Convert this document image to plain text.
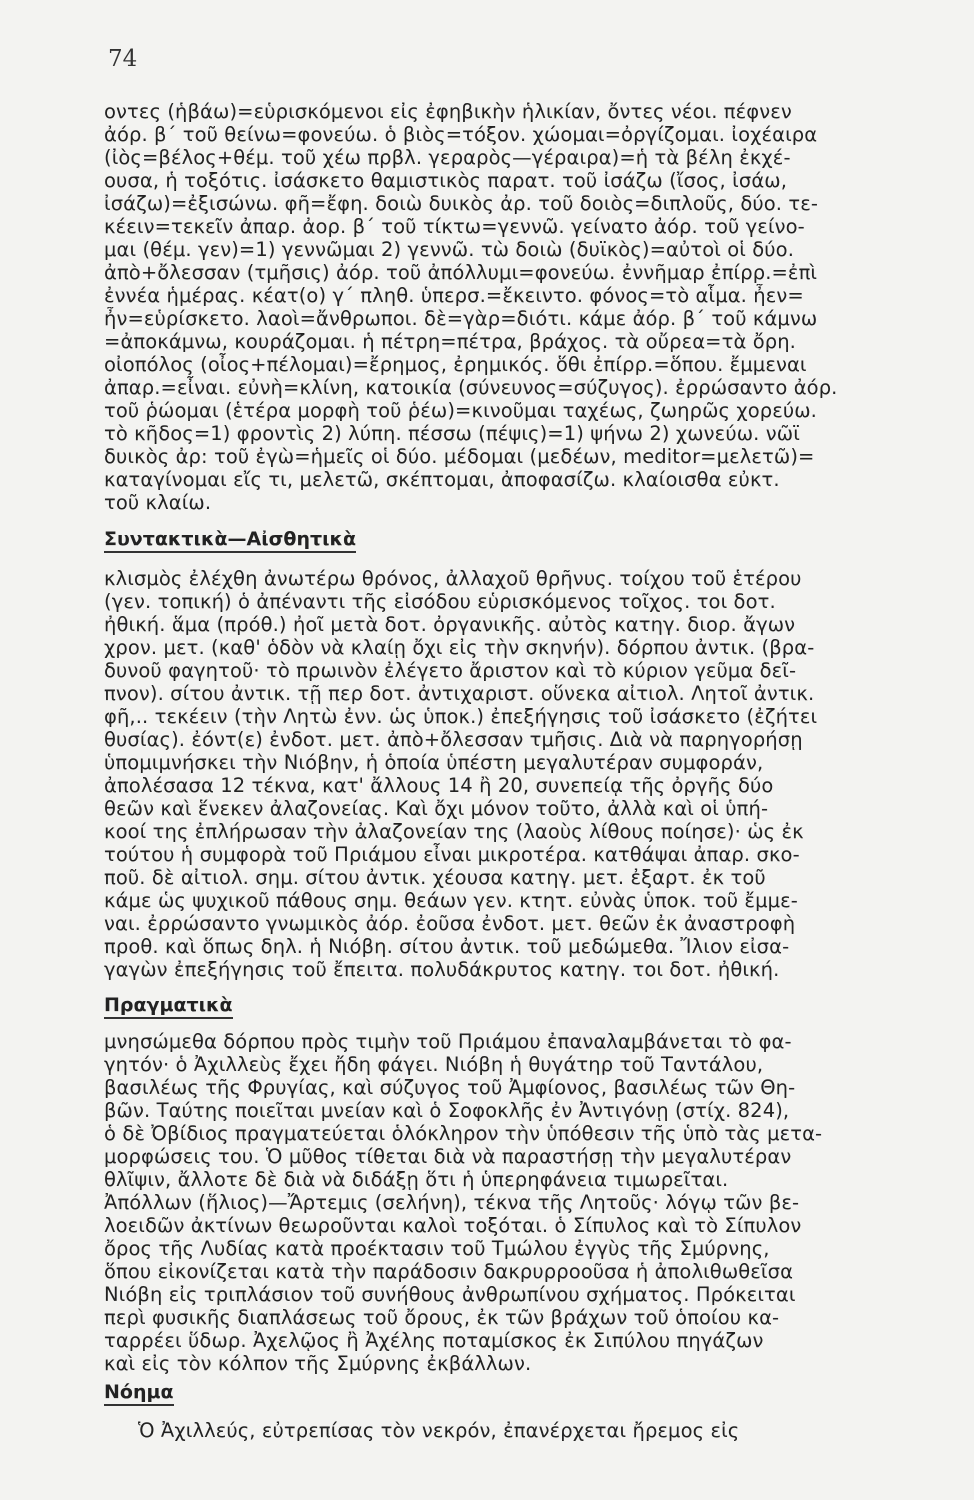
74
οντες (ἡβάω)=εὑρισκόμενοι εἰς ἐφηβικὴν ἡλικίαν, ὄντες νέοι. πέφνεν
ἀόρ. β΄ τοῦ θείνω=φονεύω. ὁ βιὸς=τόξον. χώομαι=ὀργίζομαι. ἰοχέαιρα
(ἰὸς=βέλος+θέμ. τοῦ χέω πρβλ. γεραρὸς—γέραιρα)=ἡ τὰ βέλη ἐκχέ-
ουσα, ἡ τοξότις. ἰσάσκετο θαμιστικὸς παρατ. τοῦ ἰσάζω (ἴσος, ἰσάω,
ἰσάζω)=ἐξισώνω. φῆ=ἔφη. δοιὼ δυικὸς ἀρ. τοῦ δοιὸς=διπλοῦς, δύο. τε-
κέειν=τεκεῖν ἀπαρ. ἀορ. β΄ τοῦ τίκτω=γεννῶ. γείνατο ἀόρ. τοῦ γείνο-
μαι (θέμ. γεν)=1) γεννῶμαι 2) γεννῶ. τὼ δοιὼ (δυϊκὸς)=αὐτοὶ οἱ δύο.
ἀπὸ+ὄλεσσαν (τμῆσις) ἀόρ. τοῦ ἀπόλλυμι=φονεύω. ἐννῆμαρ ἐπίρρ.=ἐπὶ
ἐννέα ἡμέρας. κέατ(ο) γ΄ πληθ. ὑπερσ.=ἔκειντο. φόνος=τὸ αἷμα. ἦεν=
ἦν=εὑρίσκετο. λαοὶ=ἄνθρωποι. δὲ=γὰρ=διότι. κάμε ἀόρ. β΄ τοῦ κάμνω
=ἀποκάμνω, κουράζομαι. ἡ πέτρη=πέτρα, βράχος. τὰ οὔρεα=τὰ ὄρη.
οἰοπόλος (οἶος+πέλομαι)=ἔρημος, ἐρημικός. ὅθι ἐπίρρ.=ὅπου. ἔμμεναι
ἀπαρ.=εἶναι. εὐνὴ=κλίνη, κατοικία (σύνευνος=σύζυγος). ἐρρώσαντο ἀόρ.
τοῦ ῥώομαι (ἑτέρα μορφὴ τοῦ ῥέω)=κινοῦμαι ταχέως, ζωηρῶς χορεύω.
τὸ κῆδος=1) φροντὶς 2) λύπη. πέσσω (πέψις)=1) ψήνω 2) χωνεύω. νῶϊ
δυικὸς ἀρ: τοῦ ἐγὼ=ἡμεῖς οἱ δύο. μέδομαι (μεδέων, meditor=μελετῶ)=
καταγίνομαι εἴς τι, μελετῶ, σκέπτομαι, ἀποφασίζω. κλαίοισθα εὐκτ.
τοῦ κλαίω.
Συντακτικὰ—Αἰσθητικὰ
κλισμὸς ἐλέχθη ἀνωτέρω θρόνος, ἀλλαχοῦ θρῆνυς. τοίχου τοῦ ἑτέρου
(γεν. τοπική) ὁ ἀπέναντι τῆς εἰσόδου εὑρισκόμενος τοῖχος. τοι δοτ.
ἠθική. ἅμα (πρόθ.) ἠοῖ μετὰ δοτ. ὀργανικῆς. αὐτὸς κατηγ. διορ. ἄγων
χρον. μετ. (καθ' ὁδὸν νὰ κλαίῃ ὄχι εἰς τὴν σκηνήν). δόρπου ἀντικ. (βρα-
δυνοῦ φαγητοῦ· τὸ πρωινὸν ἐλέγετο ἄριστον καὶ τὸ κύριον γεῦμα δεῖ-
πνον). σίτου ἀντικ. τῇ περ δοτ. ἀντιχαριστ. οὕνεκα αἰτιολ. Λητοῖ ἀντικ.
φῆ,.. τεκέειν (τὴν Λητὼ ἐνν. ὡς ὑποκ.) ἐπεξήγησις τοῦ ἰσάσκετο (ἐζήτει
θυσίας). ἐόντ(ε) ἐνδοτ. μετ. ἀπὸ+ὄλεσσαν τμῆσις. Διὰ νὰ παρηγορήσῃ
ὑπομιμνήσκει τὴν Νιόβην, ἡ ὁποία ὑπέστη μεγαλυτέραν συμφοράν,
ἀπολέσασα 12 τέκνα, κατ' ἄλλους 14 ἢ 20, συνεπείᾳ τῆς ὀργῆς δύο
θεῶν καὶ ἕνεκεν ἀλαζονείας. Καὶ ὄχι μόνον τοῦτο, ἀλλὰ καὶ οἱ ὑπή-
κοοί της ἐπλήρωσαν τὴν ἀλαζονείαν της (λαοὺς λίθους ποίησε)· ὡς ἐκ
τούτου ἡ συμφορὰ τοῦ Πριάμου εἶναι μικροτέρα. κατθάψαι ἀπαρ. σκο-
ποῦ. δὲ αἰτιολ. σημ. σίτου ἀντικ. χέουσα κατηγ. μετ. ἐξαρτ. ἐκ τοῦ
κάμε ὡς ψυχικοῦ πάθους σημ. θεάων γεν. κτητ. εὐνὰς ὑποκ. τοῦ ἔμμε-
ναι. ἐρρώσαντο γνωμικὸς ἀόρ. ἐοῦσα ἐνδοτ. μετ. θεῶν ἐκ ἀναστροφὴ
προθ. καὶ ὅπως δηλ. ἡ Νιόβη. σίτου ἀντικ. τοῦ μεδώμεθα. Ἴλιον εἰσα-
γαγὼν ἐπεξήγησις τοῦ ἔπειτα. πολυδάκρυτος κατηγ. τοι δοτ. ἠθική.
Πραγματικὰ
μνησώμεθα δόρπου πρὸς τιμὴν τοῦ Πριάμου ἐπαναλαμβάνεται τὸ φα-
γητόν· ὁ Ἀχιλλεὺς ἔχει ἤδη φάγει. Νιόβη ἡ θυγάτηρ τοῦ Ταντάλου,
βασιλέως τῆς Φρυγίας, καὶ σύζυγος τοῦ Ἀμφίονος, βασιλέως τῶν Θη-
βῶν. Ταύτης ποιεῖται μνείαν καὶ ὁ Σοφοκλῆς ἐν Ἀντιγόνῃ (στίχ. 824),
ὁ δὲ Ὀβίδιος πραγματεύεται ὁλόκληρον τὴν ὑπόθεσιν τῆς ὑπὸ τὰς μετα-
μορφώσεις του. Ὁ μῦθος τίθεται διὰ νὰ παραστήσῃ τὴν μεγαλυτέραν
θλῖψιν, ἄλλοτε δὲ διὰ νὰ διδάξῃ ὅτι ἡ ὑπερηφάνεια τιμωρεῖται.
Ἀπόλλων (ἥλιος)—Ἄρτεμις (σελήνη), τέκνα τῆς Λητοῦς· λόγῳ τῶν βε-
λοειδῶν ἀκτίνων θεωροῦνται καλοὶ τοξόται. ὁ Σίπυλος καὶ τὸ Σίπυλον
ὄρος τῆς Λυδίας κατὰ προέκτασιν τοῦ Τμώλου ἐγγὺς τῆς Σμύρνης,
ὅπου εἰκονίζεται κατὰ τὴν παράδοσιν δακρυρροοῦσα ἡ ἀπολιθωθεῖσα
Νιόβη εἰς τριπλάσιον τοῦ συνήθους ἀνθρωπίνου σχήματος. Πρόκειται
περὶ φυσικῆς διαπλάσεως τοῦ ὄρους, ἐκ τῶν βράχων τοῦ ὁποίου κα-
ταρρέει ὕδωρ. Ἀχελῷος ἢ Ἀχέλης ποταμίσκος ἐκ Σιπύλου πηγάζων
καὶ εἰς τὸν κόλπον τῆς Σμύρνης ἐκβάλλων.
Νόημα
Ὁ Ἀχιλλεύς, εὐτρεπίσας τὸν νεκρόν, ἐπανέρχεται ἤρεμος εἰς
